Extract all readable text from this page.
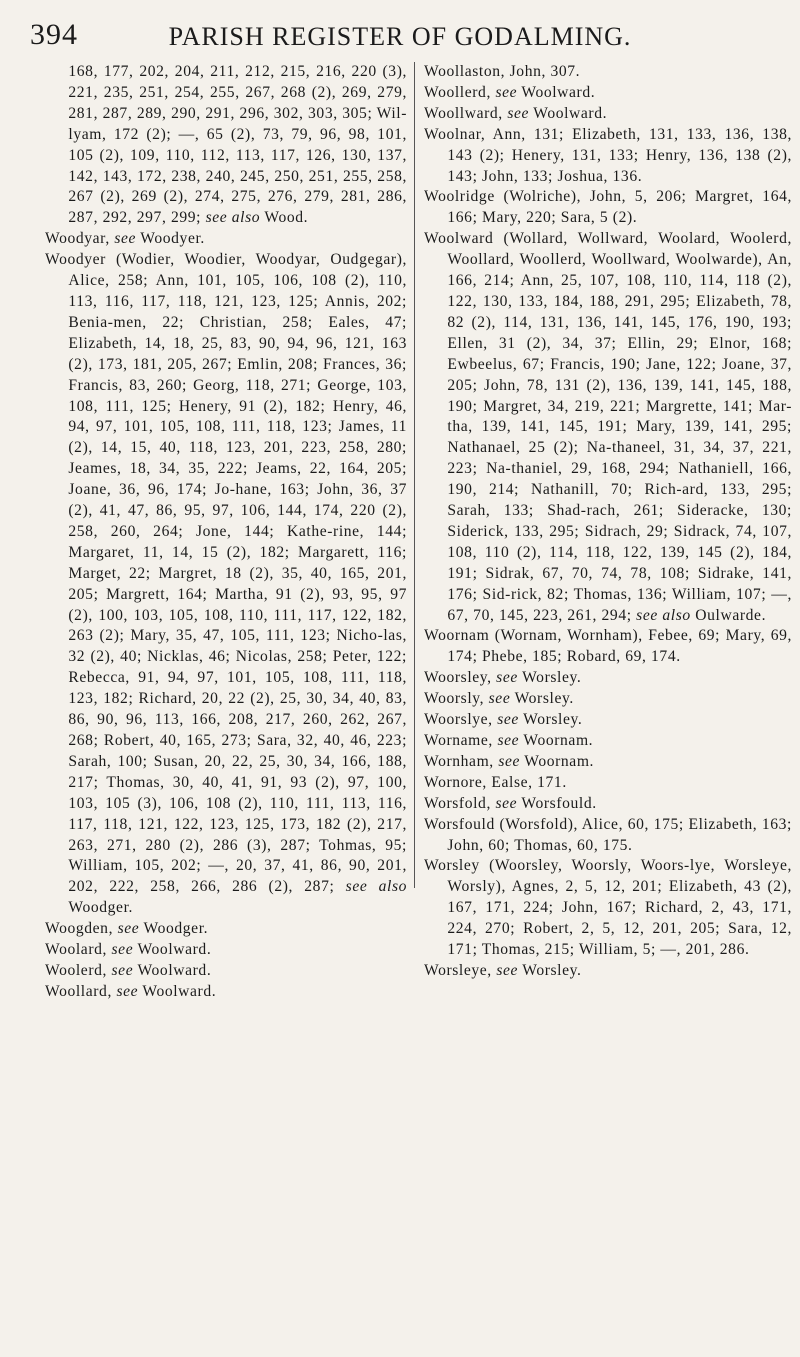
394	PARISH REGISTER OF GODALMING.

168, 177, 202, 204, 211, 212, 215, 216, 220 (3), 221, 235, 251, 254, 255, 267, 268 (2), 269, 279, 281, 287, 289, 290, 291, 296, 302, 303, 305; Wil-lyam, 172 (2); —, 65 (2), 73, 79, 96, 98, 101, 105 (2), 109, 110, 112, 113, 117, 126, 130, 137, 142, 143, 172, 238, 240, 245, 250, 251, 255, 258, 267 (2), 269 (2), 274, 275, 276, 279, 281, 286, 287, 292, 297, 299; see also Wood.

Woodyar, see Woodyer.

Woodyer (Wodier, Woodier, Woodyar, Oudgegar), Alice, 258; Ann, 101, 105, 106, 108 (2), 110, 113, 116, 117, 118, 121, 123, 125; Annis, 202; Benia-men, 22; Christian, 258; Eales, 47; Elizabeth, 14, 18, 25, 83, 90, 94, 96, 121, 163 (2), 173, 181, 205, 267; Emlin, 208; Frances, 36; Francis, 83, 260; Georg, 118, 271; George, 103, 108, 111, 125; Henery, 91 (2), 182; Henry, 46, 94, 97, 101, 105, 108, 111, 118, 123; James, 11 (2), 14, 15, 40, 118, 123, 201, 223, 258, 280; Jeames, 18, 34, 35, 222; Jeams, 22, 164, 205; Joane, 36, 96, 174; Jo-hane, 163; John, 36, 37 (2), 41, 47, 86, 95, 97, 106, 144, 174, 220 (2), 258, 260, 264; Jone, 144; Kathe-rine, 144; Margaret, 11, 14, 15 (2), 182; Margarett, 116; Marget, 22; Margret, 18 (2), 35, 40, 165, 201, 205; Margrett, 164; Martha, 91 (2), 93, 95, 97 (2), 100, 103, 105, 108, 110, 111, 117, 122, 182, 263 (2); Mary, 35, 47, 105, 111, 123; Nicho-las, 32 (2), 40; Nicklas, 46; Nicolas, 258; Peter, 122; Rebecca, 91, 94, 97, 101, 105, 108, 111, 118, 123, 182; Richard, 20, 22 (2), 25, 30, 34, 40, 83, 86, 90, 96, 113, 166, 208, 217, 260, 262, 267, 268; Robert, 40, 165, 273; Sara, 32, 40, 46, 223; Sarah, 100; Susan, 20, 22, 25, 30, 34, 166, 188, 217; Thomas, 30, 40, 41, 91, 93 (2), 97, 100, 103, 105 (3), 106, 108 (2), 110, 111, 113, 116, 117, 118, 121, 122, 123, 125, 173, 182 (2), 217, 263, 271, 280 (2), 286 (3), 287; Tohmas, 95; William, 105, 202; —, 20, 37, 41, 86, 90, 201, 202, 222, 258, 266, 286 (2), 287; see also Woodger.

Woogden, see Woodger.

Woolard, see Woolward.

Woolerd, see Woolward.

Woollard, see Woolward.

Woollaston, John, 307.

Woollerd, see Woolward.

Woollward, see Woolward.

Woolnar, Ann, 131; Elizabeth, 131, 133, 136, 138, 143 (2); Henery, 131, 133; Henry, 136, 138 (2), 143; John, 133; Joshua, 136.

Woolridge (Wolriche), John, 5, 206; Margret, 164, 166; Mary, 220; Sara, 5 (2).

Woolward (Wollard, Wollward, Woolard, Woolerd, Woollard, Woollerd, Woollward, Woolwarde), An, 166, 214; Ann, 25, 107, 108, 110, 114, 118 (2), 122, 130, 133, 184, 188, 291, 295; Elizabeth, 78, 82 (2), 114, 131, 136, 141, 145, 176, 190, 193; Ellen, 31 (2), 34, 37; Ellin, 29; Elnor, 168; Ewbeelus, 67; Francis, 190; Jane, 122; Joane, 37, 205; John, 78, 131 (2), 136, 139, 141, 145, 188, 190; Margret, 34, 219, 221; Margrette, 141; Mar-tha, 139, 141, 145, 191; Mary, 139, 141, 295; Nathanael, 25 (2); Na-thaneel, 31, 34, 37, 221, 223; Na-thaniel, 29, 168, 294; Nathaniell, 166, 190, 214; Nathanill, 70; Rich-ard, 133, 295; Sarah, 133; Shad-rach, 261; Sideracke, 130; Siderick, 133, 295; Sidrach, 29; Sidrack, 74, 107, 108, 110 (2), 114, 118, 122, 139, 145 (2), 184, 191; Sidrak, 67, 70, 74, 78, 108; Sidrake, 141, 176; Sid-rick, 82; Thomas, 136; William, 107; —, 67, 70, 145, 223, 261, 294; see also Oulwarde.

Woornam (Wornam, Wornham), Febee, 69; Mary, 69, 174; Phebe, 185; Robard, 69, 174.

Woorsley, see Worsley.

Woorsly, see Worsley.

Woorslye, see Worsley.

Worname, see Woornam.

Wornham, see Woornam.

Wornore, Ealse, 171.

Worsfold, see Worsfould.

Worsfould (Worsfold), Alice, 60, 175; Elizabeth, 163; John, 60; Thomas, 60, 175.

Worsley (Woorsley, Woorsly, Woors-lye, Worsleye, Worsly), Agnes, 2, 5, 12, 201; Elizabeth, 43 (2), 167, 171, 224; John, 167; Richard, 2, 43, 171, 224, 270; Robert, 2, 5, 12, 201, 205; Sara, 12, 171; Thomas, 215; William, 5; —, 201, 286.

Worsleye, see Worsley.
